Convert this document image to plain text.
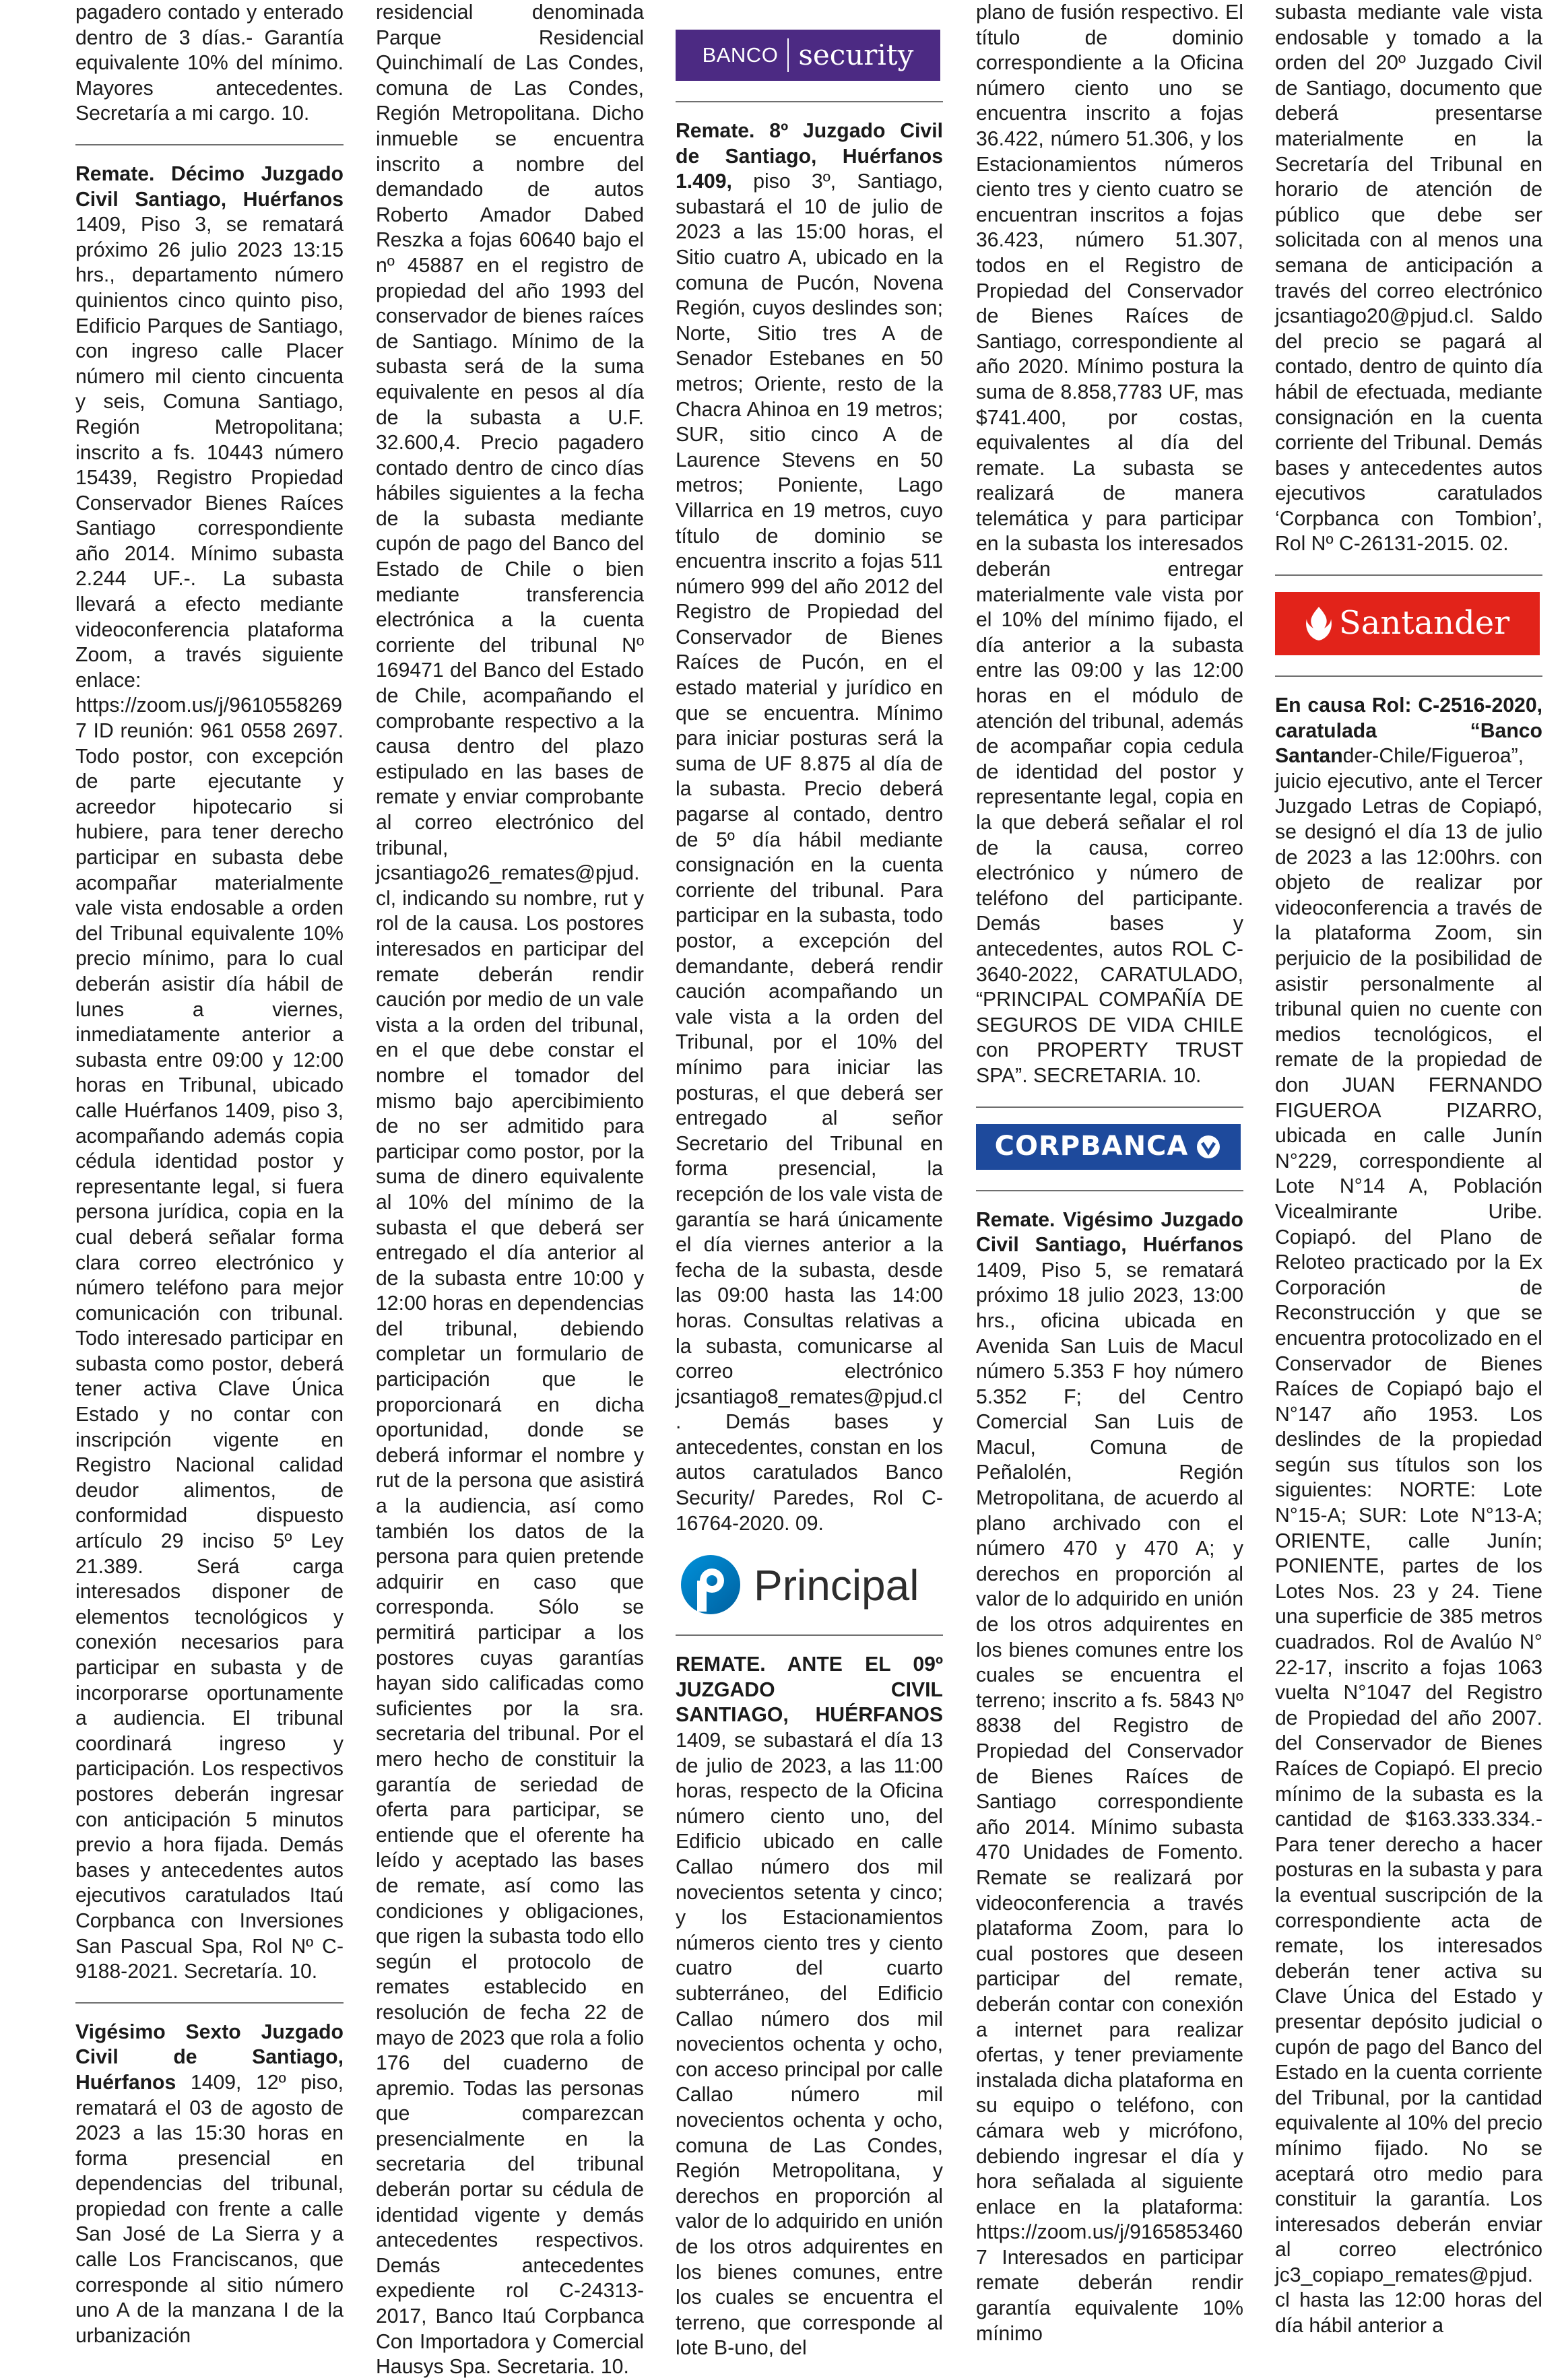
pagadero contado y enterado dentro de 3 días.- Garantía equivalente 10% del mínimo. Mayores antecedentes. Secretaría a mi cargo. 10.

Remate. Décimo Juzgado Civil Santiago, Huérfanos 1409, Piso 3, se rematará próximo 26 julio 2023 13:15 hrs., departamento número quinientos cinco quinto piso, Edificio Parques de Santiago, con ingreso calle Placer número mil ciento cincuenta y seis, Comuna Santiago, Región Metropolitana; inscrito a fs. 10443 número 15439, Registro Propiedad Conservador Bienes Raíces Santiago correspondiente año 2014. Mínimo subasta 2.244 UF.-. La subasta llevará a efecto mediante videoconferencia plataforma Zoom, a través siguiente enlace: https://zoom.us/j/96105582697 ID reunión: 961 0558 2697. Todo postor, con excepción de parte ejecutante y acreedor hipotecario si hubiere, para tener derecho participar en subasta debe acompañar materialmente vale vista endosable a orden del Tribunal equivalente 10% precio mínimo, para lo cual deberán asistir día hábil de lunes a viernes, inmediatamente anterior a subasta entre 09:00 y 12:00 horas en Tribunal, ubicado calle Huérfanos 1409, piso 3, acompañando además copia cédula identidad postor y representante legal, si fuera persona jurídica, copia en la cual deberá señalar forma clara correo electrónico y número teléfono para mejor comunicación con tribunal. Todo interesado participar en subasta como postor, deberá tener activa Clave Única Estado y no contar con inscripción vigente en Registro Nacional calidad deudor alimentos, de conformidad dispuesto artículo 29 inciso 5º Ley 21.389. Será carga interesados disponer de elementos tecnológicos y conexión necesarios para participar en subasta y de incorporarse oportunamente a audiencia. El tribunal coordinará ingreso y participación. Los respectivos postores deberán ingresar con anticipación 5 minutos previo a hora fijada. Demás bases y antecedentes autos ejecutivos caratulados Itaú Corpbanca con Inversiones San Pascual Spa, Rol Nº C-9188-2021. Secretaría. 10.

Vigésimo Sexto Juzgado Civil de Santiago, Huérfanos 1409, 12º piso, rematará el 03 de agosto de 2023 a las 15:30 horas en forma presencial en dependencias del tribunal, propiedad con frente a calle San José de La Sierra y a calle Los Franciscanos, que corresponde al sitio número uno A de la manzana I de la urbanización

residencial denominada Parque Residencial Quinchimalí de Las Condes, comuna de Las Condes, Región Metropolitana. Dicho inmueble se encuentra inscrito a nombre del demandado de autos Roberto Amador Dabed Reszka a fojas 60640 bajo el nº 45887 en el registro de propiedad del año 1993 del conservador de bienes raíces de Santiago. Mínimo de la subasta será de la suma equivalente en pesos al día de la subasta a U.F. 32.600,4. Precio pagadero contado dentro de cinco días hábiles siguientes a la fecha de la subasta mediante cupón de pago del Banco del Estado de Chile o bien mediante transferencia electrónica a la cuenta corriente del tribunal Nº 169471 del Banco del Estado de Chile, acompañando el comprobante respectivo a la causa dentro del plazo estipulado en las bases de remate y enviar comprobante al correo electrónico del tribunal, jcsantiago26_remates@pjud.cl, indicando su nombre, rut y rol de la causa. Los postores interesados en participar del remate deberán rendir caución por medio de un vale vista a la orden del tribunal, en el que debe constar el nombre el tomador del mismo bajo apercibimiento de no ser admitido para participar como postor, por la suma de dinero equivalente al 10% del mínimo de la subasta el que deberá ser entregado el día anterior al de la subasta entre 10:00 y 12:00 horas en dependencias del tribunal, debiendo completar un formulario de participación que le proporcionará en dicha oportunidad, donde se deberá informar el nombre y rut de la persona que asistirá a la audiencia, así como también los datos de la persona para quien pretende adquirir en caso que corresponda. Sólo se permitirá participar a los postores cuyas garantías hayan sido calificadas como suficientes por la sra. secretaria del tribunal. Por el mero hecho de constituir la garantía de seriedad de oferta para participar, se entiende que el oferente ha leído y aceptado las bases de remate, así como las condiciones y obligaciones, que rigen la subasta todo ello según el protocolo de remates establecido en resolución de fecha 22 de mayo de 2023 que rola a folio 176 del cuaderno de apremio. Todas las personas que comparezcan presencialmente en la secretaria del tribunal deberán portar su cédula de identidad vigente y demás antecedentes respectivos. Demás antecedentes expediente rol C-24313-2017, Banco Itaú Corpbanca Con Importadora y Comercial Hausys Spa. Secretaria. 10.

BANCO security

Remate. 8º Juzgado Civil de Santiago, Huérfanos 1.409, piso 3º, Santiago, subastará el 10 de julio de 2023 a las 15:00 horas, el Sitio cuatro A, ubicado en la comuna de Pucón, Novena Región, cuyos deslindes son; Norte, Sitio tres A de Senador Estebanes en 50 metros; Oriente, resto de la Chacra Ahinoa en 19 metros; SUR, sitio cinco A de Laurence Stevens en 50 metros; Poniente, Lago Villarrica en 19 metros, cuyo título de dominio se encuentra inscrito a fojas 511 número 999 del año 2012 del Registro de Propiedad del Conservador de Bienes Raíces de Pucón, en el estado material y jurídico en que se encuentra. Mínimo para iniciar posturas será la suma de UF 8.875 al día de la subasta. Precio deberá pagarse al contado, dentro de 5º día hábil mediante consignación en la cuenta corriente del tribunal. Para participar en la subasta, todo postor, a excepción del demandante, deberá rendir caución acompañando un vale vista a la orden del Tribunal, por el 10% del mínimo para iniciar las posturas, el que deberá ser entregado al señor Secretario del Tribunal en forma presencial, la recepción de los vale vista de garantía se hará únicamente el día viernes anterior a la fecha de la subasta, desde las 09:00 hasta las 14:00 horas. Consultas relativas a la subasta, comunicarse al correo electrónico jcsantiago8_remates@pjud.cl. Demás bases y antecedentes, constan en los autos caratulados Banco Security/ Paredes, Rol C-16764-2020. 09.

Principal

REMATE. ANTE EL 09º JUZGADO CIVIL SANTIAGO, HUÉRFANOS 1409, se subastará el día 13 de julio de 2023, a las 11:00 horas, respecto de la Oficina número ciento uno, del Edificio ubicado en calle Callao número dos mil novecientos setenta y cinco; y los Estacionamientos números ciento tres y ciento cuatro del cuarto subterráneo, del Edificio Callao número dos mil novecientos ochenta y ocho, con acceso principal por calle Callao número mil novecientos ochenta y ocho, comuna de Las Condes, Región Metropolitana, y derechos en proporción al valor de lo adquirido en unión de los otros adquirentes en los bienes comunes, entre los cuales se encuentra el terreno, que corresponde al lote B-uno, del

plano de fusión respectivo. El título de dominio correspondiente a la Oficina número ciento uno se encuentra inscrito a fojas 36.422, número 51.306, y los Estacionamientos números ciento tres y ciento cuatro se encuentran inscritos a fojas 36.423, número 51.307, todos en el Registro de Propiedad del Conservador de Bienes Raíces de Santiago, correspondiente al año 2020. Mínimo postura la suma de 8.858,7783 UF, mas $741.400, por costas, equivalentes al día del remate. La subasta se realizará de manera telemática y para participar en la subasta los interesados deberán entregar materialmente vale vista por el 10% del mínimo fijado, el día anterior a la subasta entre las 09:00 y las 12:00 horas en el módulo de atención del tribunal, además de acompañar copia cedula de identidad del postor y representante legal, copia en la que deberá señalar el rol de la causa, correo electrónico y número de teléfono del participante. Demás bases y antecedentes, autos ROL C-3640-2022, CARATULADO, “PRINCIPAL COMPAÑÍA DE SEGUROS DE VIDA CHILE con PROPERTY TRUST SPA”. SECRETARIA. 10.

CORPBANCA

Remate. Vigésimo Juzgado Civil Santiago, Huérfanos 1409, Piso 5, se rematará próximo 18 julio 2023, 13:00 hrs., oficina ubicada en Avenida San Luis de Macul número 5.353 F hoy número 5.352 F; del Centro Comercial San Luis de Macul, Comuna de Peñalolén, Región Metropolitana, de acuerdo al plano archivado con el número 470 y 470 A; y derechos en proporción al valor de lo adquirido en unión de los otros adquirentes en los bienes comunes entre los cuales se encuentra el terreno; inscrito a fs. 5843 Nº 8838 del Registro de Propiedad del Conservador de Bienes Raíces de Santiago correspondiente año 2014. Mínimo subasta 470 Unidades de Fomento. Remate se realizará por videoconferencia a través plataforma Zoom, para lo cual postores que deseen participar del remate, deberán contar con conexión a internet para realizar ofertas, y tener previamente instalada dicha plataforma en su equipo o teléfono, con cámara web y micrófono, debiendo ingresar el día y hora señalada al siguiente enlace en la plataforma: https://zoom.us/j/91658534607 Interesados en participar remate deberán rendir garantía equivalente 10% mínimo

subasta mediante vale vista endosable y tomado a la orden del 20º Juzgado Civil de Santiago, documento que deberá presentarse materialmente en la Secretaría del Tribunal en horario de atención de público que debe ser solicitada con al menos una semana de anticipación a través del correo electrónico jcsantiago20@pjud.cl. Saldo del precio se pagará al contado, dentro de quinto día hábil de efectuada, mediante consignación en la cuenta corriente del Tribunal. Demás bases y antecedentes autos ejecutivos caratulados ‘Corpbanca con Tombion’, Rol Nº C-26131-2015. 02.

Santander

En causa Rol: C-2516-2020, caratulada “Banco Santander-Chile/Figueroa”, juicio ejecutivo, ante el Tercer Juzgado Letras de Copiapó, se designó el día 13 de julio de 2023 a las 12:00hrs. con objeto de realizar por videoconferencia a través de la plataforma Zoom, sin perjuicio de la posibilidad de asistir personalmente al tribunal quien no cuente con medios tecnológicos, el remate de la propiedad de don JUAN FERNANDO FIGUEROA PIZARRO, ubicada en calle Junín N°229, correspondiente al Lote N°14 A, Población Vicealmirante Uribe. Copiapó. del Plano de Reloteo practicado por la Ex Corporación de Reconstrucción y que se encuentra protocolizado en el Conservador de Bienes Raíces de Copiapó bajo el N°147 año 1953. Los deslindes de la propiedad según sus títulos son los siguientes: NORTE: Lote N°15-A; SUR: Lote N°13-A; ORIENTE, calle Junín; PONIENTE, partes de los Lotes Nos. 23 y 24. Tiene una superficie de 385 metros cuadrados. Rol de Avalúo N° 22-17, inscrito a fojas 1063 vuelta N°1047 del Registro de Propiedad del año 2007. del Conservador de Bienes Raíces de Copiapó. El precio mínimo de la subasta es la cantidad de $163.333.334.- Para tener derecho a hacer posturas en la subasta y para la eventual suscripción de la correspondiente acta de remate, los interesados deberán tener activa su Clave Única del Estado y presentar depósito judicial o cupón de pago del Banco del Estado en la cuenta corriente del Tribunal, por la cantidad equivalente al 10% del precio mínimo fijado. No se aceptará otro medio para constituir la garantía. Los interesados deberán enviar al correo electrónico jc3_copiapo_remates@pjud.cl hasta las 12:00 horas del día hábil anterior a
